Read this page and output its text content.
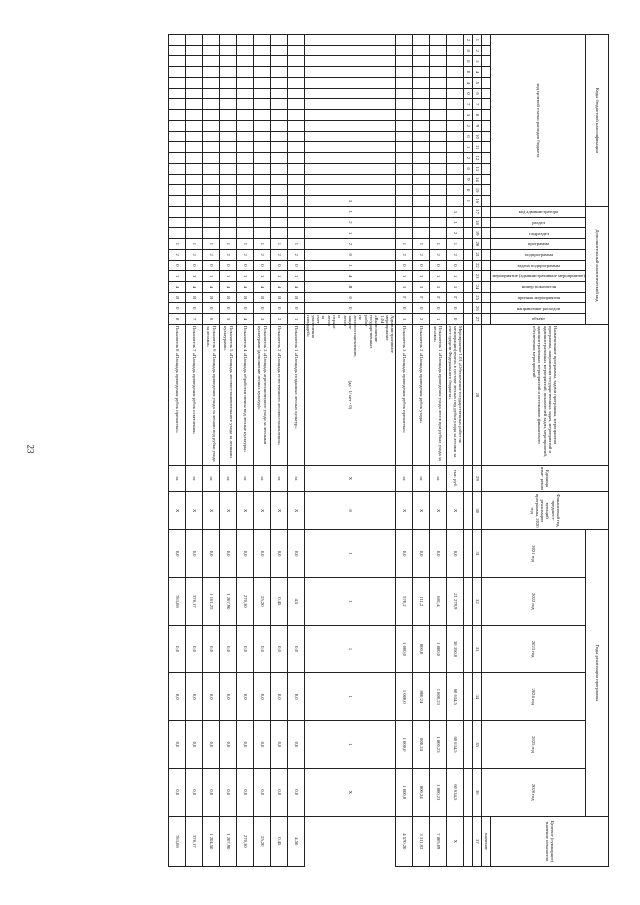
23
Коды бюджетной классификации																Дополнительный аналитический код											Наименование программы, задачи программы, мероприятия программы, направления государственных задач, мероприятий и административных мероприятий, показателей задач, мероприятий, административных мероприятий и источников финансового обеспечения мероприятий	Единица изме- рения	Финансовый год, предшест- вующий реализации программы, 2020 год	Годы реализации программы						Целевое (суммарное) значение показателя
код целевой статьи расходов бюджета																код администратора	раздел	подраздел	программа	подпрограмма	задача подпрограммы	мероприятие (административное мероприятие)	номер показателя	признак мероприятия	направление расходов	объект				2021 год	2022 год	2023 год	2024 год	2025 год	2026 год	
																																				значение
1	2	3	4	5	6	7	8	9	10	11	12	13	14	15	16	17	18	19	20	21	22	23	24	25	26	27	28	29	30	31	32	33	34	35	36	37
2	8	8	0	4	0	7	5	2	0	1	2	0	9	0	1																					
																3	1	2	1	2	0	1	3	Г	0	0	Мероприятие 1.01 «Обеспечение государственных работ по мелиорации(земель в составе лесных под рубки ухода за лесами за счет средств Федерального бюджета»	тыс. руб.	Х	0,0	21 279,9	38 350,8	60 634,5	60 634,5	60 634,5	Х
																			1	2	0	1	3	Г	0	1	Показатель 1 «Площадь проведения ухода лесов при рубках ухода за лесами»	га	Х	0,0	681,4	1 800,0	1 800,23	1 800,23	1 800,23	7 805,09
																			1	2	0	1	3	Г	0	2	Показатель 2 «Площадь проведения рубок ухода»	га	Х	0,0	111,2	800,0	800,24	800,24	800,24	3 311,92
																			1	2	0	1	3	Г	0	3	Показатель 3 «Площадь проведения рубок прочистки»	га	Х	0,0	570,2	1 000,0	1 000,0	1 000,0	1 000,0	4 570,20
															3	1	2	1	2	0	1	4	Я	0	0	Административное мероприятие 1.04 «Выполнение государственных работ по лесовосстановлению, защите лесов и охране лесов за счет увеличения площадей»	(да - 1/ нет - 0)	Х	0	1	1	1	1	1	Х	
																			1	2	0	1	4	Я	0	1	Показатель 1 «Площадь созданных лесных культур»	га	Х	0,0	4,5	0,0	0,0	0,0	0,0	4,50
																			1	2	0	1	4	Я	0	2	Показатель 2 «Площадь естественного лесовосстановления»	га	Х	0,0	0,45	0,0	0,0	0,0	0,0	0,45
																			1	2	0	1	4	Я	0	3	Показатель 3 «Площадь агротехнического ухода за лесными культурами (дополнение лесных культур)»	га	Х	0,0	25,20	0,0	0,0	0,0	0,0	25,20
																			1	2	0	1	4	Я	0	4	Показатель 4 «Площадь обработки почвы под лесные культуры»	га	Х	0,0	270,30	0,0	0,0	0,0	0,0	270,30
																			1	2	0	1	4	Я	0	5	Показатель 5 «Площадь лесовосстановительного ухода за лесными культурами»	га	Х	0,0	1 207,90	0,0	0,0	0,0	0,0	1 207,90
																			1	2	0	1	4	Я	0	6	Показатель 6 «Площадь проведения ухода за лесами под рубки ухода за лесами»	га	Х	0,0	1 161,25	0,0	0,0	0,0	0,0	1 204,50
																			1	2	0	1	4	Я	0	7	Показатель 7 «Площадь проведения рубок осветления»	га	Х	0,0	378,17	0,0	0,0	0,0	0,0	378,17
																			1	2	0	1	4	Я	0	8	Показатель 8 «Площадь проведения рубок прочистки»	га	Х	0,0	783,08	0,0	0,0	0,0	0,0	783,08
